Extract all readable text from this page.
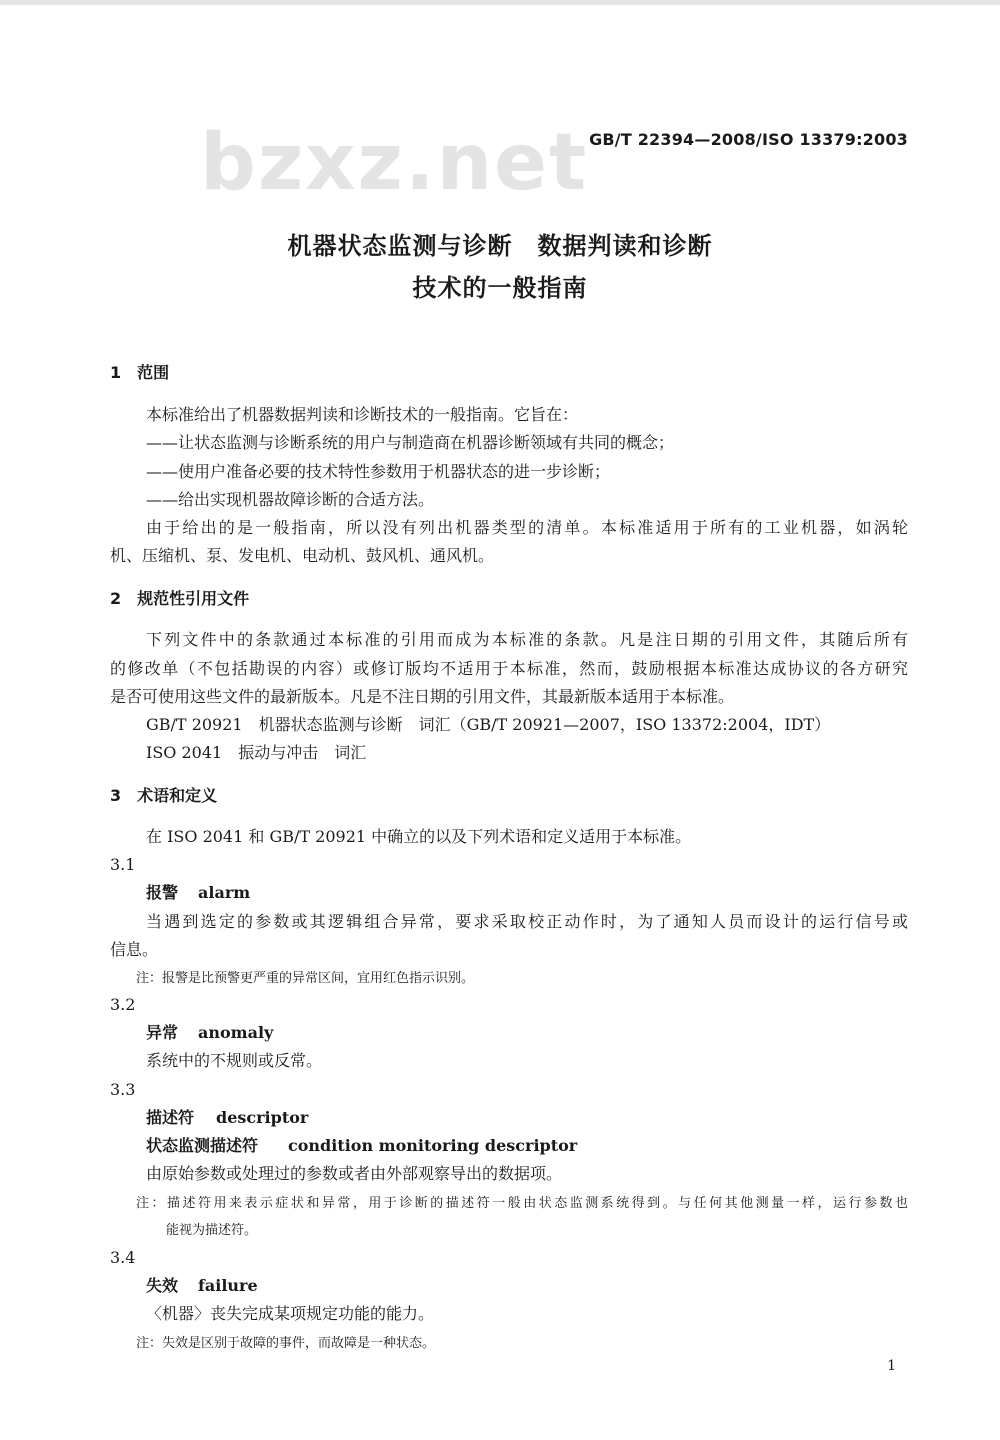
bzxz.net GB/T 22394—2008/ISO 13379:2003
机器状态监测与诊断　数据判读和诊断
技术的一般指南
1　范围
本标准给出了机器数据判读和诊断技术的一般指南。它旨在：
——让状态监测与诊断系统的用户与制造商在机器诊断领域有共同的概念；
——使用户准备必要的技术特性参数用于机器状态的进一步诊断；
——给出实现机器故障诊断的合适方法。
由于给出的是一般指南，所以没有列出机器类型的清单。本标准适用于所有的工业机器，如涡轮
机、压缩机、泵、发电机、电动机、鼓风机、通风机。
2　规范性引用文件
下列文件中的条款通过本标准的引用而成为本标准的条款。凡是注日期的引用文件，其随后所有
的修改单（不包括勘误的内容）或修订版均不适用于本标准，然而，鼓励根据本标准达成协议的各方研究
是否可使用这些文件的最新版本。凡是不注日期的引用文件，其最新版本适用于本标准。
GB/T 20921　机器状态监测与诊断　词汇（GB/T 20921—2007，ISO 13372:2004，IDT）
ISO 2041　振动与冲击　词汇
3　术语和定义
在 ISO 2041 和 GB/T 20921 中确立的以及下列术语和定义适用于本标准。
3.1
报警 alarm
当遇到选定的参数或其逻辑组合异常，要求采取校正动作时，为了通知人员而设计的运行信号或
信息。
注：报警是比预警更严重的异常区间，宜用红色指示识别。
3.2
异常 anomaly
系统中的不规则或反常。
3.3
描述符 descriptor
状态监测描述符 condition monitoring descriptor
由原始参数或处理过的参数或者由外部观察导出的数据项。
注：描述符用来表示症状和异常，用于诊断的描述符一般由状态监测系统得到。与任何其他测量一样，运行参数也
能视为描述符。
3.4
失效 failure
〈机器〉丧失完成某项规定功能的能力。
注：失效是区别于故障的事件，而故障是一种状态。
1
